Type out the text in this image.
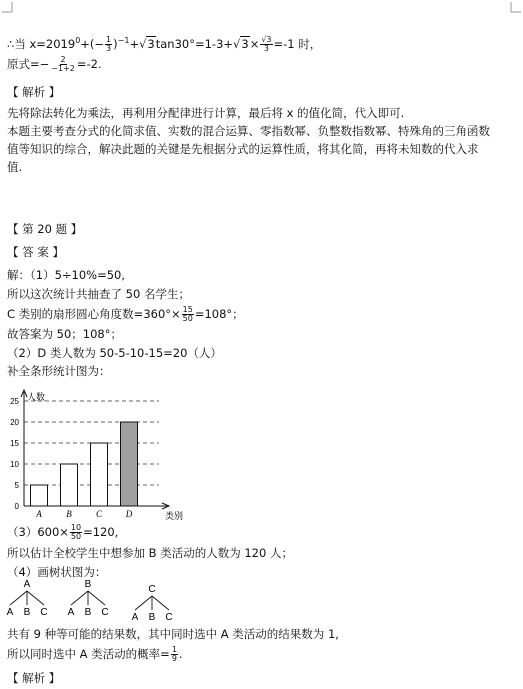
∴当 $x=2019^0+(- \frac{1}{3} )^{-1}+√3\tan 30^\circ=1-3+√3\times \frac{√3}{3} =-1$ 时，
原式=− $\frac{2}{-1+2} =-2$.
【 解析 】
先将除法转化为乘法，再利用分配律进行计算，最后将 x 的值化简，代入即可.
本题主要考查分式的化简求值、实数的混合运算、零指数幂、负整数指数幂、特殊角的三角函数
值等知识的综合，解决此题的关键是先根据分式的运算性质，将其化简，再将未知数的代入求
值.
【 第 20 题 】
【 答 案 】
解：（1）5÷10%=50,
所以这次统计共抽查了 50 名学生；
C 类别的扇形圆心角度数$=360^\circ\times \frac{15}{50} =108^\circ$；
故答案为 50；108°；
（2）D 类人数为 50-5-10-15=20（人）
补全条形统计图为：
0
5
10
15
20
25
A	B	C	D
人数
类别
$(3)600\times \frac{10}{50} =120$,
所以估计全校学生中想参加 B 类活动的人数为 120 人；
（4）画树状图为：
A
A B C
B
A B C
C
A B C
共有 9 种等可能的结果数，其中同时选中 A 类活动的结果数为 1,
所以同时选中 A 类活动的概率= $\frac{1}{9}$ .
【 解析 】
